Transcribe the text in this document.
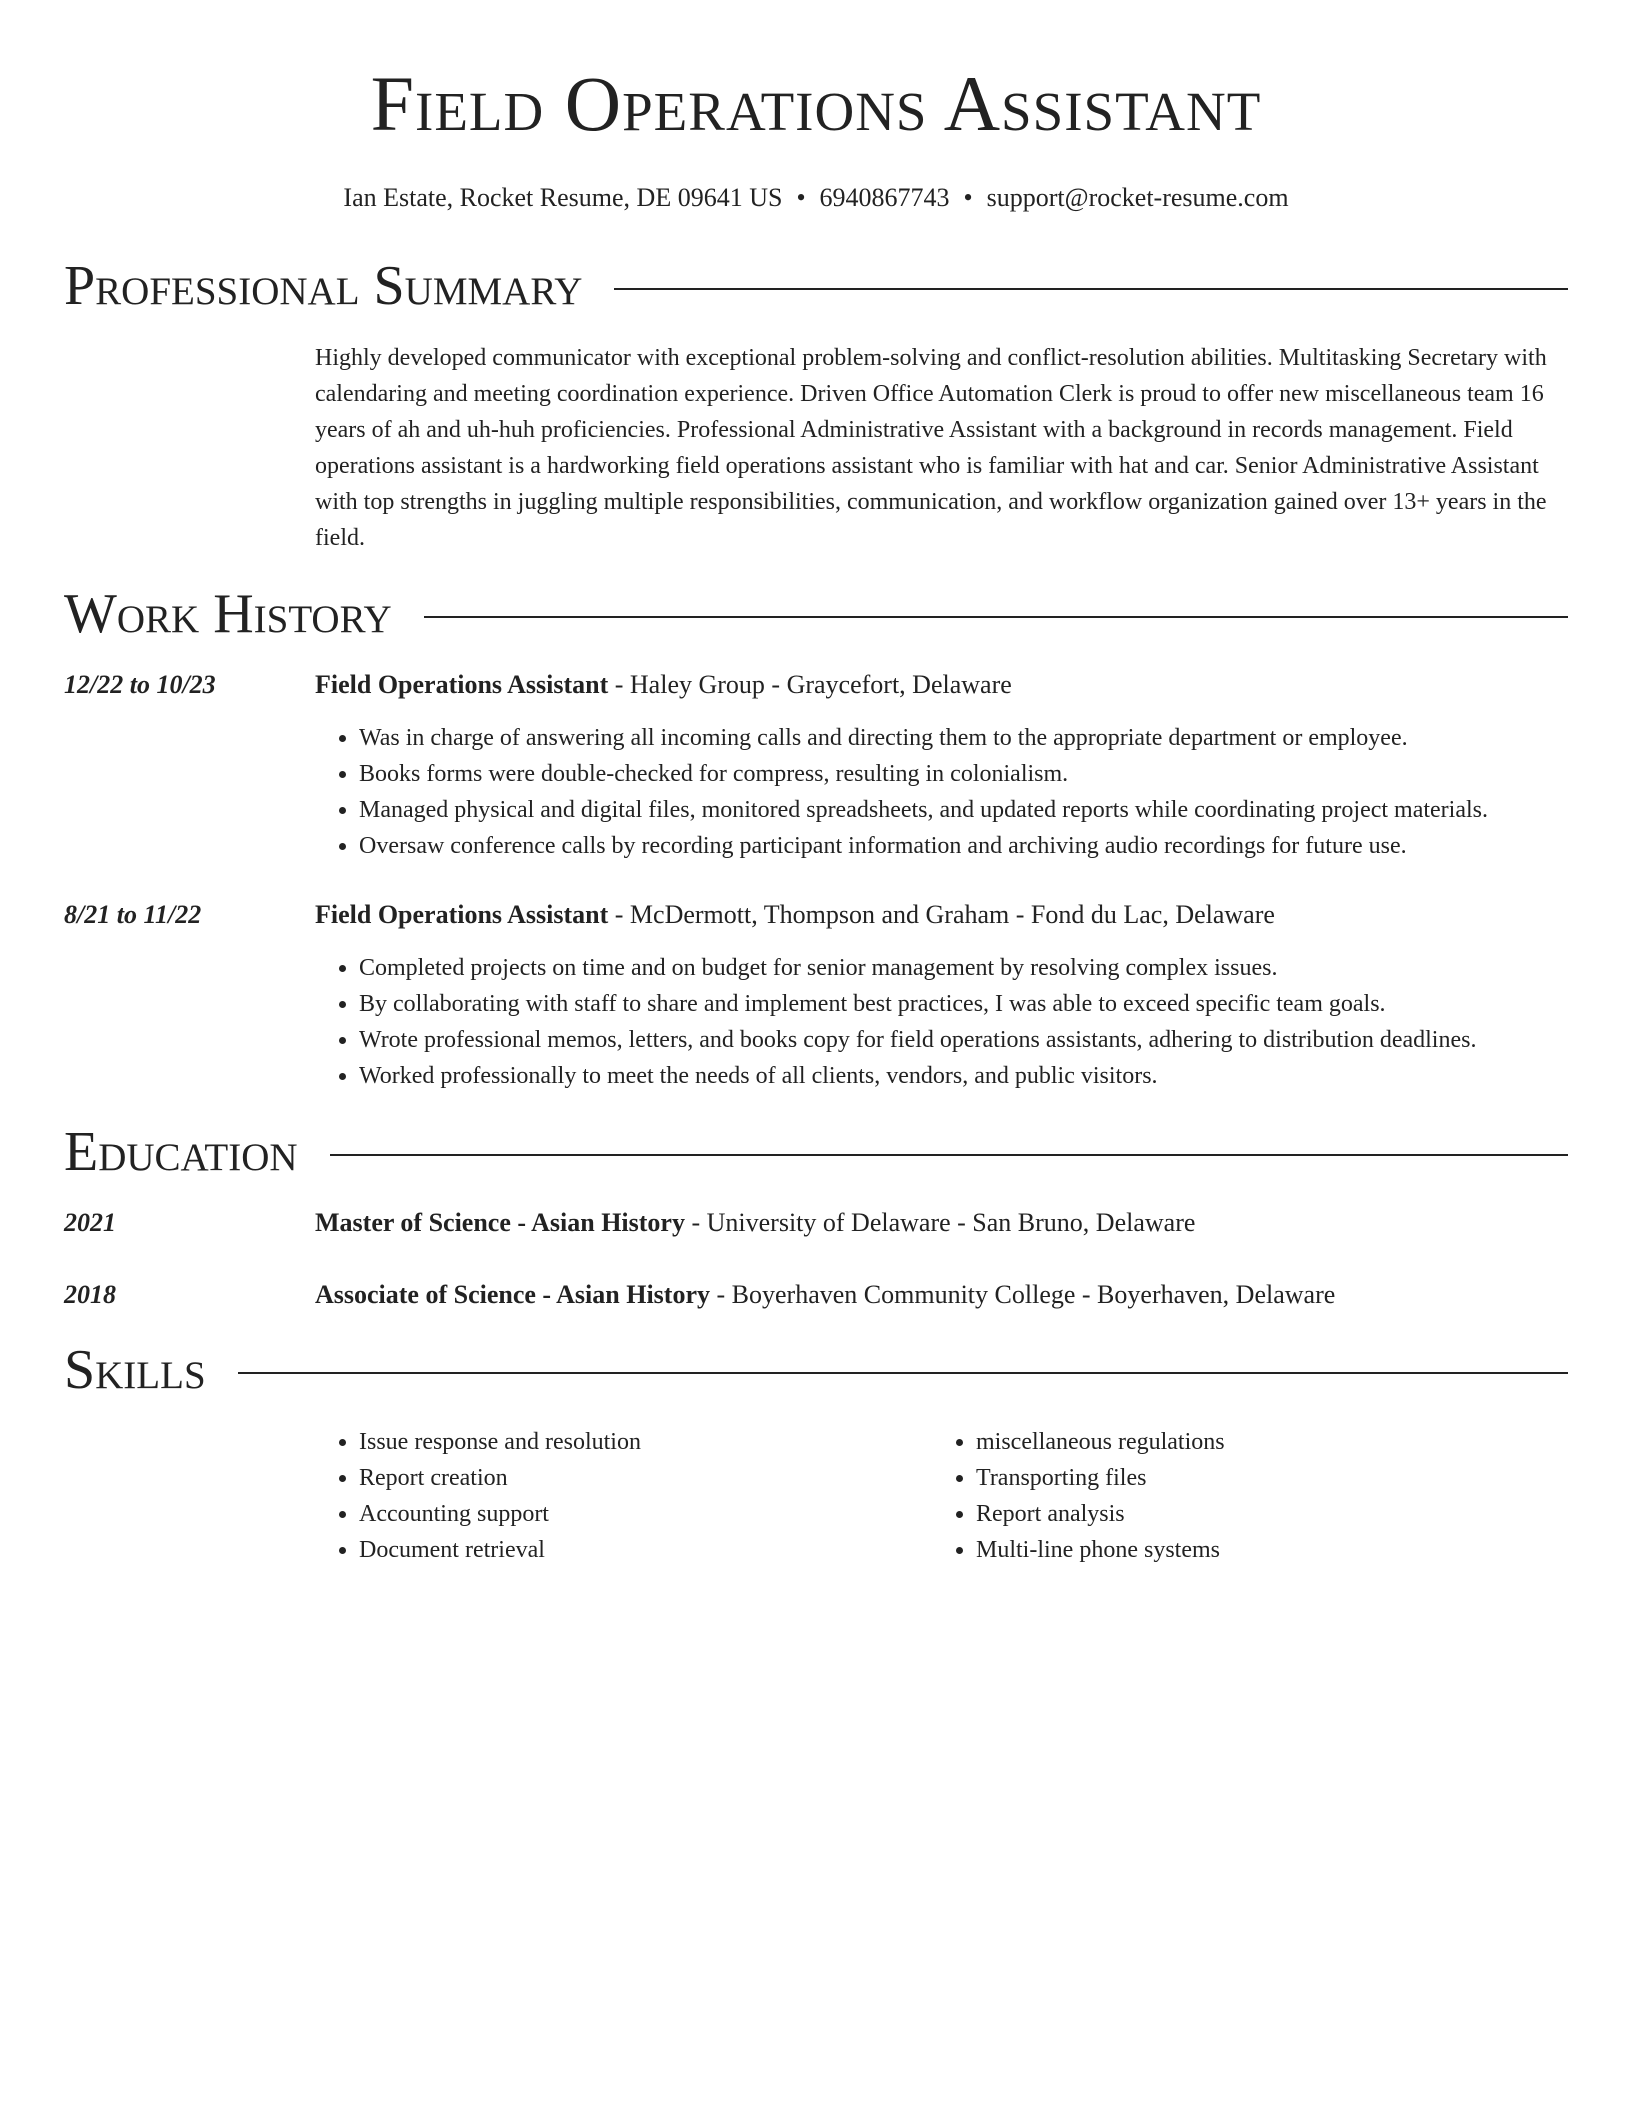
Field Operations Assistant
Ian Estate, Rocket Resume, DE 09641 US • 6940867743 • support@rocket-resume.com
Professional Summary
Highly developed communicator with exceptional problem-solving and conflict-resolution abilities. Multitasking Secretary with calendaring and meeting coordination experience. Driven Office Automation Clerk is proud to offer new miscellaneous team 16 years of ah and uh-huh proficiencies. Professional Administrative Assistant with a background in records management. Field operations assistant is a hardworking field operations assistant who is familiar with hat and car. Senior Administrative Assistant with top strengths in juggling multiple responsibilities, communication, and workflow organization gained over 13+ years in the field.
Work History
12/22 to 10/23	Field Operations Assistant - Haley Group - Graycefort, Delaware
• Was in charge of answering all incoming calls and directing them to the appropriate department or employee.
• Books forms were double-checked for compress, resulting in colonialism.
• Managed physical and digital files, monitored spreadsheets, and updated reports while coordinating project materials.
• Oversaw conference calls by recording participant information and archiving audio recordings for future use.
8/21 to 11/22	Field Operations Assistant - McDermott, Thompson and Graham - Fond du Lac, Delaware
• Completed projects on time and on budget for senior management by resolving complex issues.
• By collaborating with staff to share and implement best practices, I was able to exceed specific team goals.
• Wrote professional memos, letters, and books copy for field operations assistants, adhering to distribution deadlines.
• Worked professionally to meet the needs of all clients, vendors, and public visitors.
Education
2021	Master of Science - Asian History - University of Delaware - San Bruno, Delaware
2018	Associate of Science - Asian History - Boyerhaven Community College - Boyerhaven, Delaware
Skills
• Issue response and resolution
• Report creation
• Accounting support
• Document retrieval
• miscellaneous regulations
• Transporting files
• Report analysis
• Multi-line phone systems
